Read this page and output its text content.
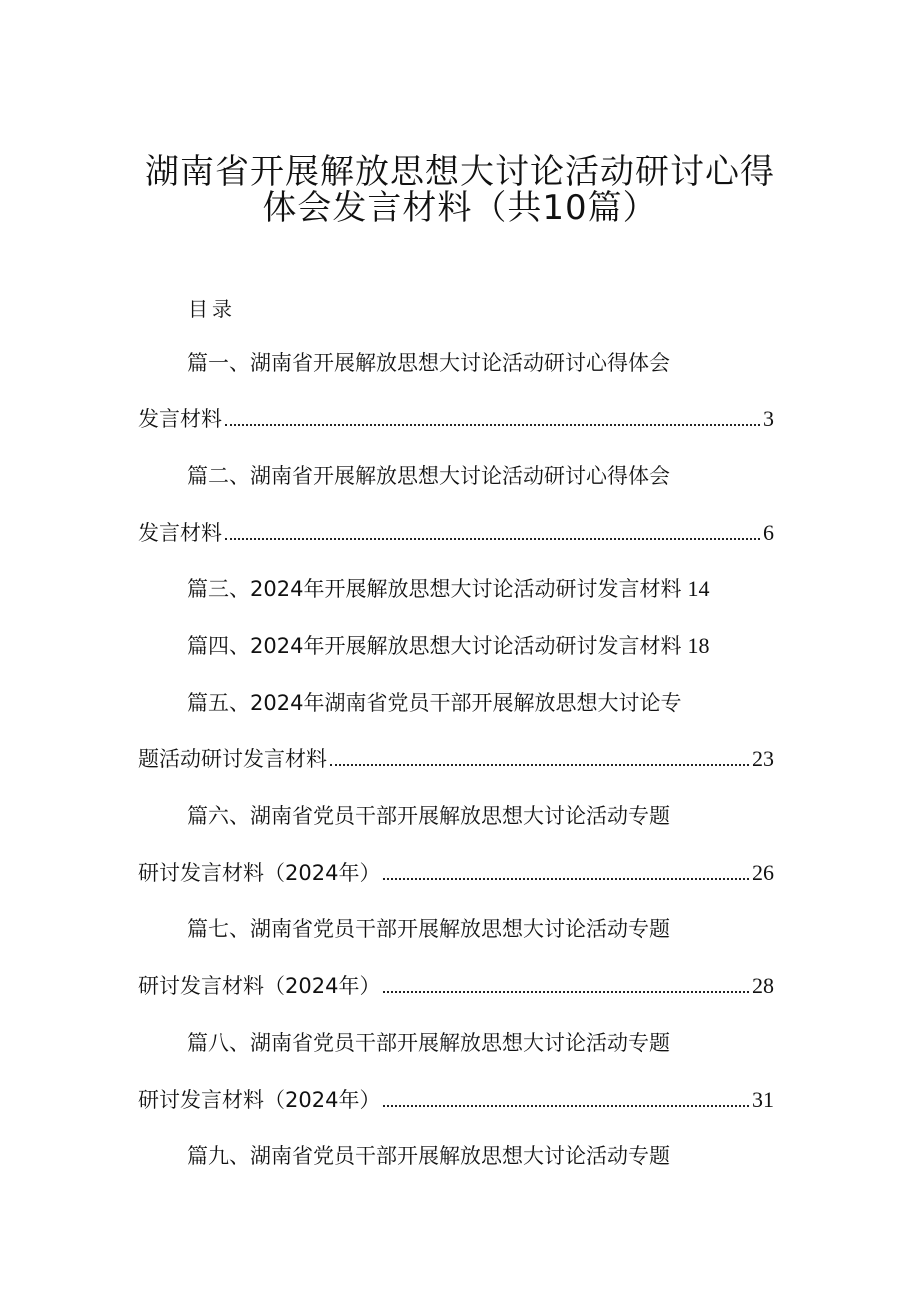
湖南省开展解放思想大讨论活动研讨心得
体会发言材料（共10篇）
目录
篇一、湖南省开展解放思想大讨论活动研讨心得体会
发言材料	3
篇二、湖南省开展解放思想大讨论活动研讨心得体会
发言材料	6
篇三、2024年开展解放思想大讨论活动研讨发言材料 14
篇四、2024年开展解放思想大讨论活动研讨发言材料 18
篇五、2024年湖南省党员干部开展解放思想大讨论专
题活动研讨发言材料	23
篇六、湖南省党员干部开展解放思想大讨论活动专题
研讨发言材料（2024年）	26
篇七、湖南省党员干部开展解放思想大讨论活动专题
研讨发言材料（2024年）	28
篇八、湖南省党员干部开展解放思想大讨论活动专题
研讨发言材料（2024年）	31
篇九、湖南省党员干部开展解放思想大讨论活动专题
